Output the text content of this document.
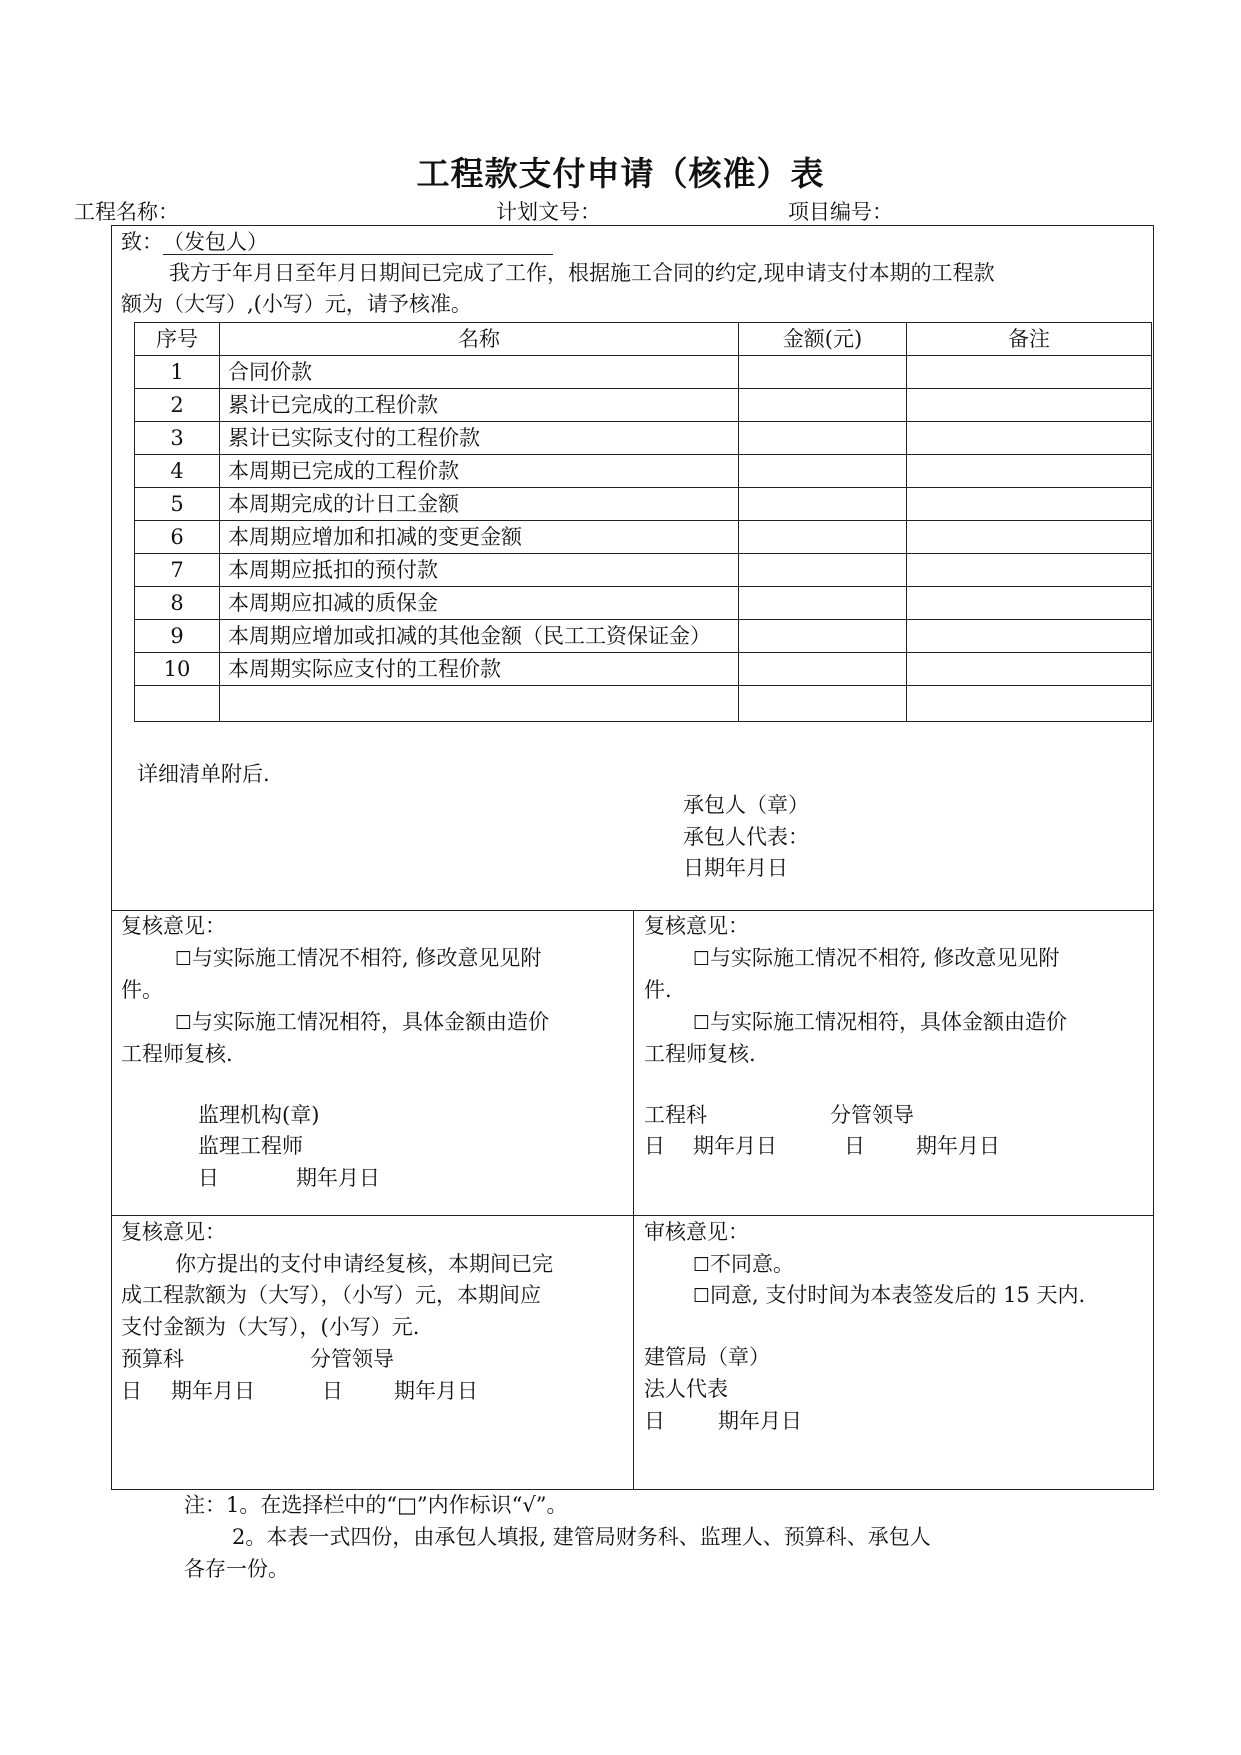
工程款支付申请（核准）表
工程名称：	计划文号：	项目编号：
致：（发包人）
我方于年月日至年月日期间已完成了工作，根据施工合同的约定,现申请支付本期的工程款
额为（大写）,(小写）元，请予核准。
序号	名称	金额(元)	备注
1	合同价款		
2	累计已完成的工程价款		
3	累计已实际支付的工程价款		
4	本周期已完成的工程价款		
5	本周期完成的计日工金额		
6	本周期应增加和扣减的变更金额		
7	本周期应抵扣的预付款		
8	本周期应扣减的质保金		
9	本周期应增加或扣减的其他金额（民工工资保证金）		
10	本周期实际应支付的工程价款		

详细清单附后.
承包人（章）
承包人代表：
日期年月日
复核意见：
☐与实际施工情况不相符, 修改意见见附
件。
☐与实际施工情况相符，具体金额由造价
工程师复核.
监理机构(章)
监理工程师
日	期年月日
复核意见：
☐与实际施工情况不相符, 修改意见见附
件.
☐与实际施工情况相符，具体金额由造价
工程师复核.
工程科	分管领导
日 期年月日	日 期年月日
复核意见：
你方提出的支付申请经复核，本期间已完
成工程款额为（大写），（小写）元，本期间应
支付金额为（大写），(小写）元.
预算科	分管领导
日 期年月日	日 期年月日
审核意见：
☐不同意。
☐同意, 支付时间为本表签发后的 15 天内.
建管局（章）
法人代表
日	期年月日
注：1。在选择栏中的“□”内作标识“√”。
2。本表一式四份，由承包人填报, 建管局财务科、监理人、预算科、承包人
各存一份。
